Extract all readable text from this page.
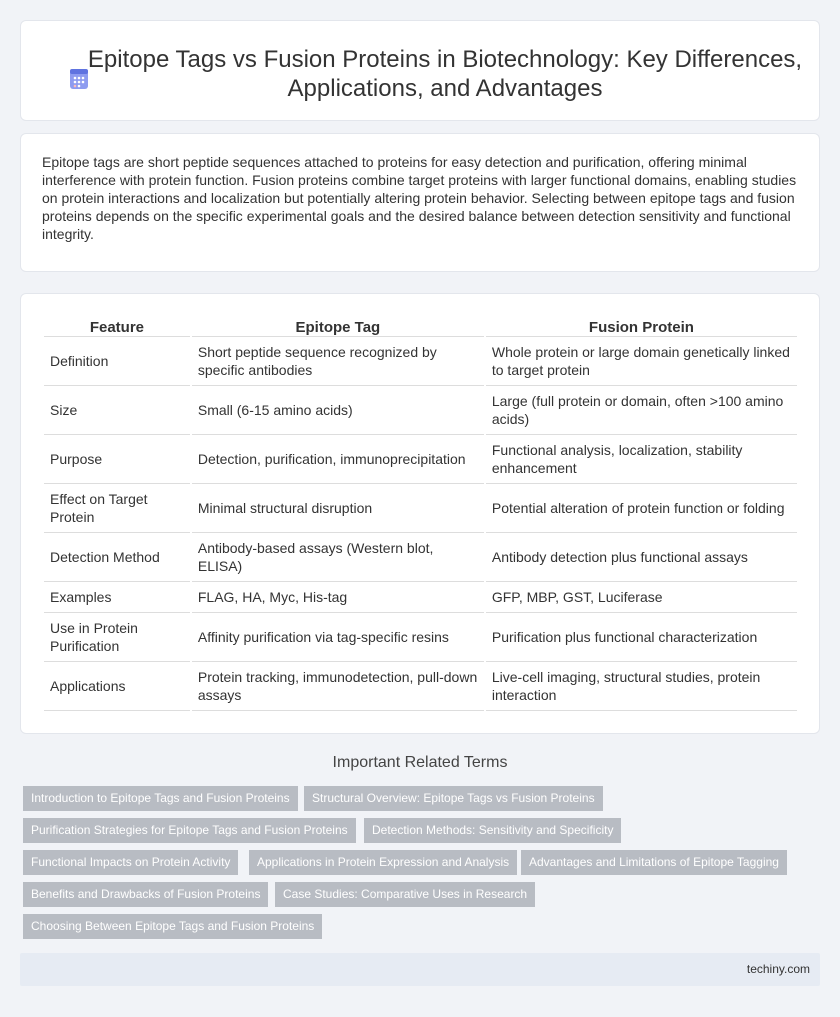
Epitope Tags vs Fusion Proteins in Biotechnology: Key Differences, Applications, and Advantages

Epitope tags are short peptide sequences attached to proteins for easy detection and purification, offering minimal interference with protein function. Fusion proteins combine target proteins with larger functional domains, enabling studies on protein interactions and localization but potentially altering protein behavior. Selecting between epitope tags and fusion proteins depends on the specific experimental goals and the desired balance between detection sensitivity and functional integrity.

Feature	Epitope Tag	Fusion Protein
Definition	Short peptide sequence recognized by specific antibodies	Whole protein or large domain genetically linked to target protein
Size	Small (6-15 amino acids)	Large (full protein or domain, often >100 amino acids)
Purpose	Detection, purification, immunoprecipitation	Functional analysis, localization, stability enhancement
Effect on Target Protein	Minimal structural disruption	Potential alteration of protein function or folding
Detection Method	Antibody-based assays (Western blot, ELISA)	Antibody detection plus functional assays
Examples	FLAG, HA, Myc, His-tag	GFP, MBP, GST, Luciferase
Use in Protein Purification	Affinity purification via tag-specific resins	Purification plus functional characterization
Applications	Protein tracking, immunodetection, pull-down assays	Live-cell imaging, structural studies, protein interaction
Important Related Terms
Introduction to Epitope Tags and Fusion Proteins	Structural Overview: Epitope Tags vs Fusion Proteins
Purification Strategies for Epitope Tags and Fusion Proteins	Detection Methods: Sensitivity and Specificity
Functional Impacts on Protein Activity	Applications in Protein Expression and Analysis	Advantages and Limitations of Epitope Tagging
Benefits and Drawbacks of Fusion Proteins	Case Studies: Comparative Uses in Research
Choosing Between Epitope Tags and Fusion Proteins
techiny.com
